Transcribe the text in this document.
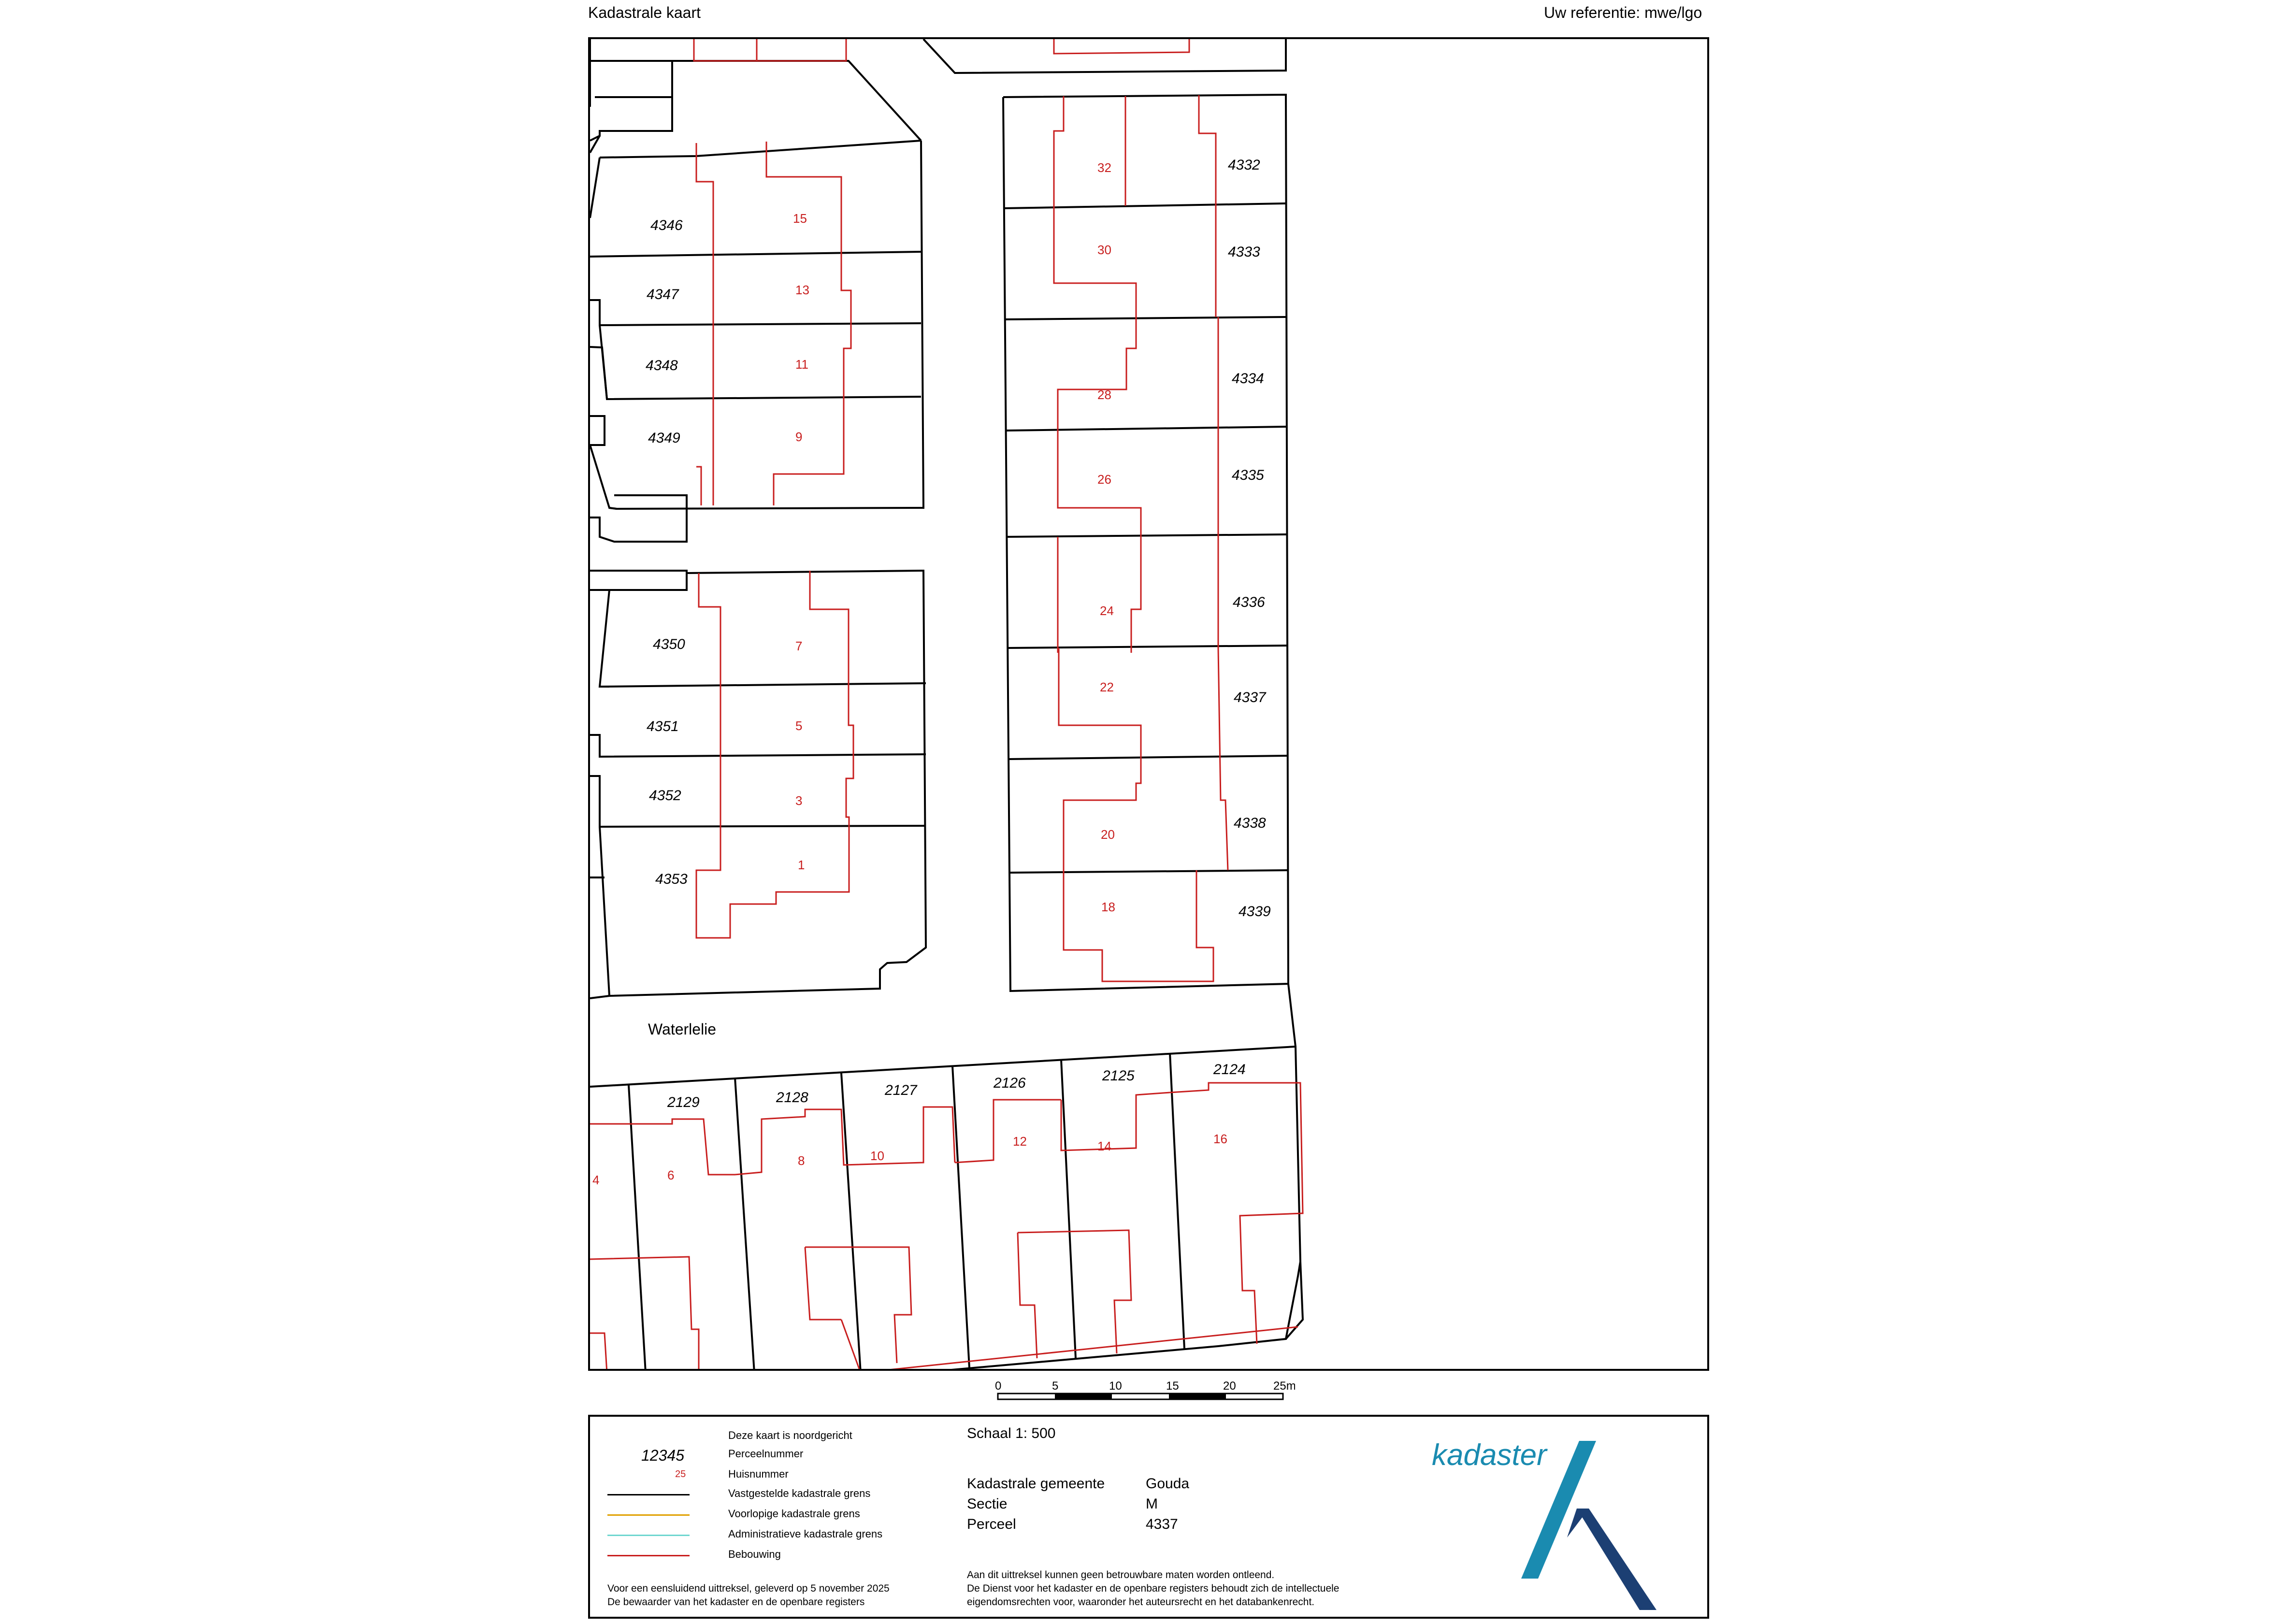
Kadastrale kaart	Uw referentie: mwe/lgo
4346
4347
4348
4349
4350
4351
4352
4353
4332
4333
4334
4335
4336
4337
4338
4339
2129	2128	2127	2126	2125	2124
15
13
11
9
7
5
3
1
32
30
28
26
24
22
20
18
4	6
8	10
12	14	16
Waterlelie
0	5	10	15	20	25m
Deze kaart is noordgericht
12345	Perceelnummer
25	Huisnummer
Vastgestelde kadastrale grens
Voorlopige kadastrale grens
Administratieve kadastrale grens
Bebouwing
Voor een eensluidend uittreksel, geleverd op 5 november 2025
De bewaarder van het kadaster en de openbare registers
Schaal 1: 500
Kadastrale gemeente	Gouda
Sectie	M
Perceel	4337
Aan dit uittreksel kunnen geen betrouwbare maten worden ontleend.
De Dienst voor het kadaster en de openbare registers behoudt zich de intellectuele
eigendomsrechten voor, waaronder het auteursrecht en het databankenrecht.
kadaster
